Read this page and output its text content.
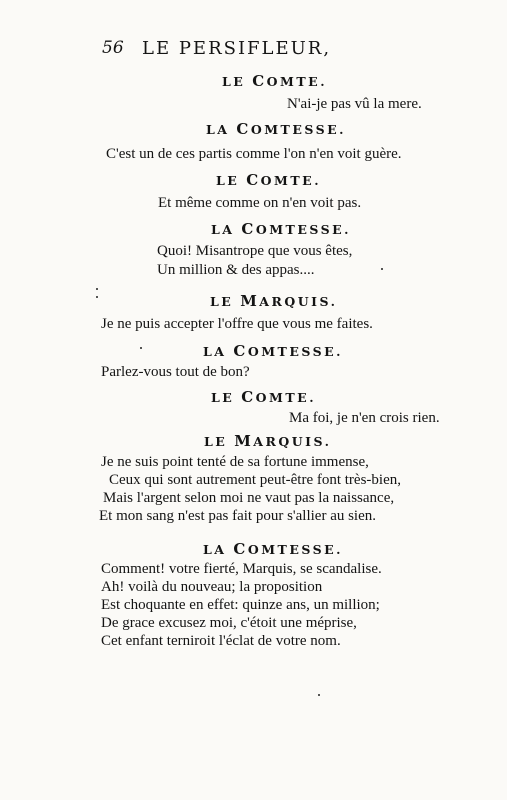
56 LE PERSIFLEUR,
LE COMTE.
LA COMTESSE.
LE COMTE.
LA COMTESSE.
LE MARQUIS.
LA COMTESSE.
LE COMTE.
LE MARQUIS.
LA COMTESSE.
N'ai-je pas vû la mere.
C'est un de ces partis comme l'on n'en voit guère.
Et même comme on n'en voit pas.
Quoi! Misantrope que vous êtes,
Un million & des appas....
Je ne puis accepter l'offre que vous me faites.
Parlez-vous tout de bon?
Ma foi, je n'en crois rien.
Je ne suis point tenté de sa fortune immense,
Ceux qui sont autrement peut-être font très-bien,
Mais l'argent selon moi ne vaut pas la naissance,
Et mon sang n'est pas fait pour s'allier au sien.
Comment! votre fierté, Marquis, se scandalise.
Ah! voilà du nouveau; la proposition
Est choquante en effet: quinze ans, un million;
De grace excusez moi, c'étoit une méprise,
Cet enfant terniroit l'éclat de votre nom.
